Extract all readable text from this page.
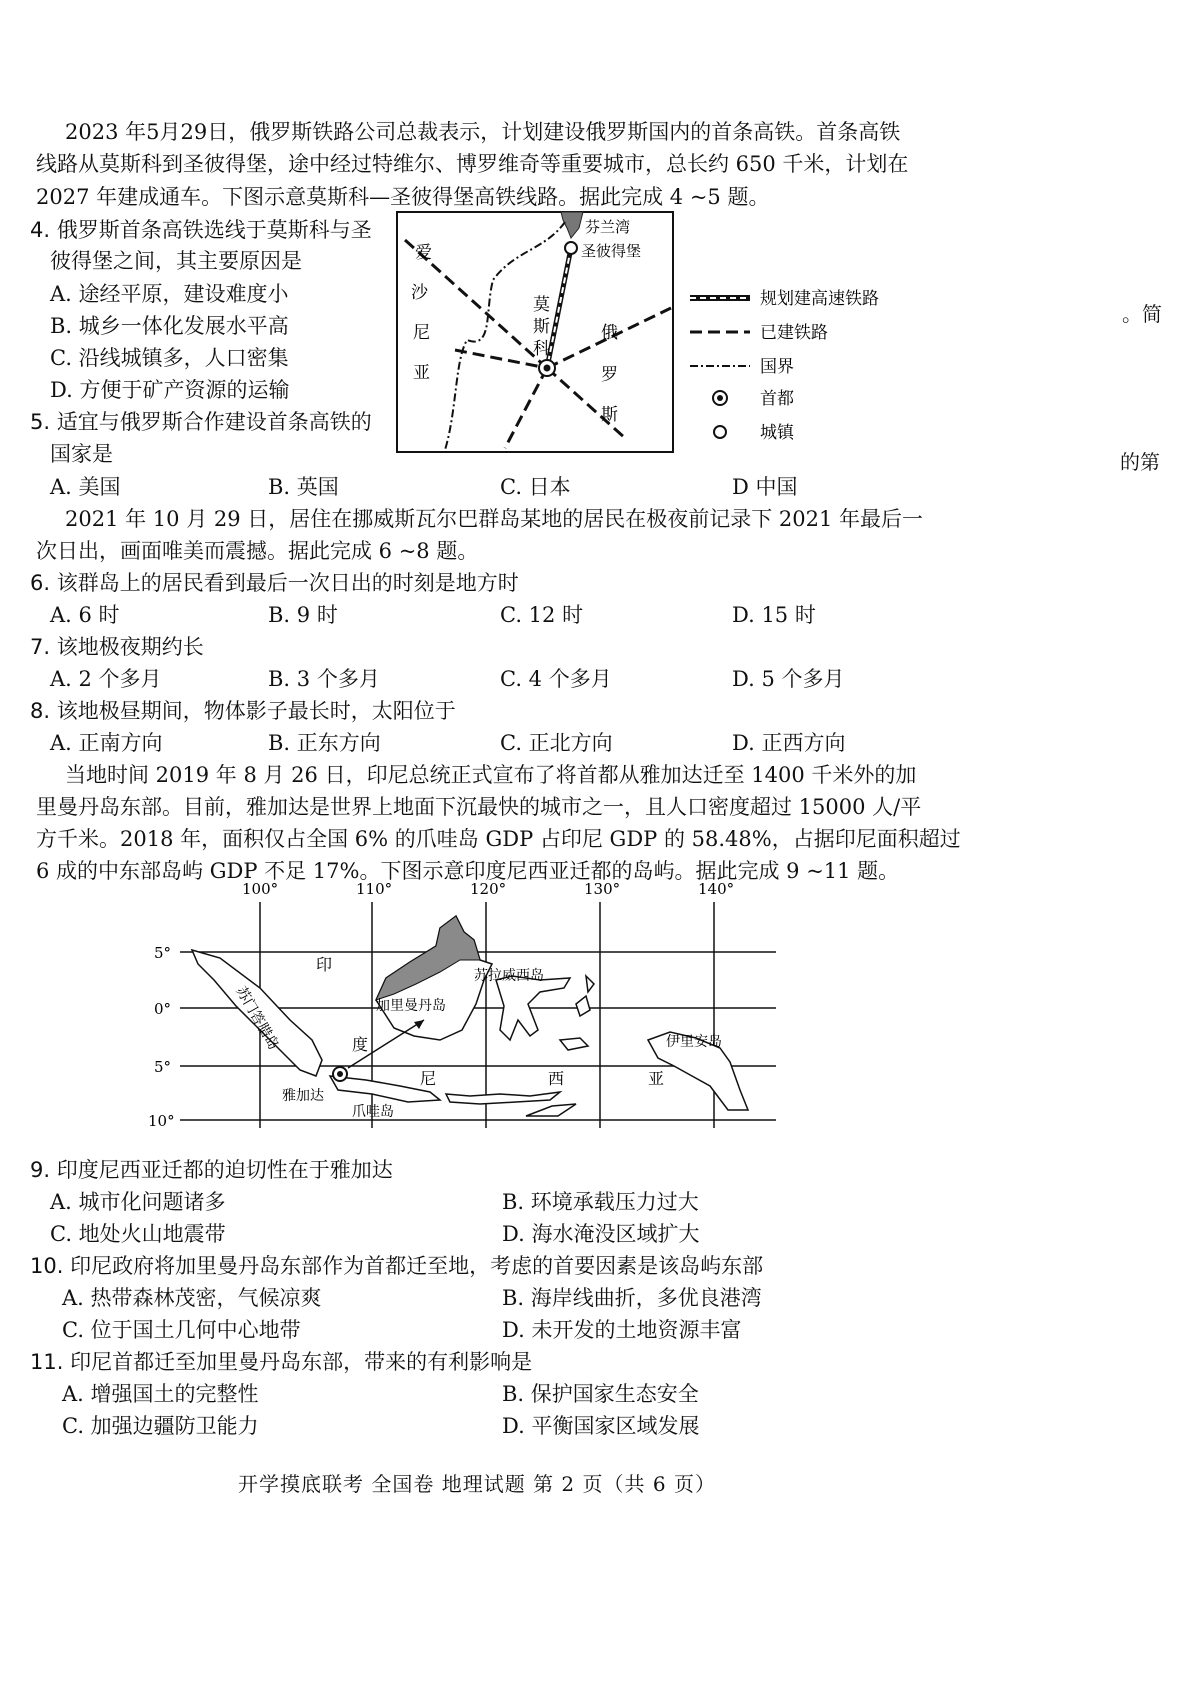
2023 年5月29日，俄罗斯铁路公司总裁表示，计划建设俄罗斯国内的首条高铁。首条高铁
线路从莫斯科到圣彼得堡，途中经过特维尔、博罗维奇等重要城市，总长约 650 千米，计划在
2027 年建成通车。下图示意莫斯科—圣彼得堡高铁线路。据此完成 4 ~5 题。
4. 俄罗斯首条高铁选线于莫斯科与圣
彼得堡之间，其主要原因是
A. 途经平原，建设难度小
B. 城乡一体化发展水平高
C. 沿线城镇多，人口密集
D. 方便于矿产资源的运输
5. 适宜与俄罗斯合作建设首条高铁的
国家是
A. 美国	B. 英国	C. 日本	D 中国
芬兰湾
圣彼得堡
爱
沙
尼
亚
莫
斯
科
俄
罗
斯
规划建高速铁路
已建铁路
国界
首都
城镇
。简
的第
2021 年 10 月 29 日，居住在挪威斯瓦尔巴群岛某地的居民在极夜前记录下 2021 年最后一
次日出，画面唯美而震撼。据此完成 6 ~8 题。
6. 该群岛上的居民看到最后一次日出的时刻是地方时
A. 6 时	B. 9 时	C. 12 时	D. 15 时
7. 该地极夜期约长
A. 2 个多月	B. 3 个多月	C. 4 个多月	D. 5 个多月
8. 该地极昼期间，物体影子最长时，太阳位于
A. 正南方向	B. 正东方向	C. 正北方向	D. 正西方向
当地时间 2019 年 8 月 26 日，印尼总统正式宣布了将首都从雅加达迁至 1400 千米外的加
里曼丹岛东部。目前，雅加达是世界上地面下沉最快的城市之一，且人口密度超过 15000 人/平
方千米。2018 年，面积仅占全国 6% 的爪哇岛 GDP 占印尼 GDP 的 58.48%，占据印尼面积超过
6 成的中东部岛屿 GDP 不足 17%。下图示意印度尼西亚迁都的岛屿。据此完成 9 ~11 题。
100°	110°	120°	130°	140°
5°
0°
5°
10°
苏门答腊岛	加里曼丹岛
苏拉威西岛
伊里安岛
雅加达
爪哇岛
印
度
尼	西	亚
9. 印度尼西亚迁都的迫切性在于雅加达
A. 城市化问题诸多	B. 环境承载压力过大
C. 地处火山地震带	D. 海水淹没区域扩大
10. 印尼政府将加里曼丹岛东部作为首都迁至地，考虑的首要因素是该岛屿东部
A. 热带森林茂密，气候凉爽	B. 海岸线曲折，多优良港湾
C. 位于国土几何中心地带	D. 未开发的土地资源丰富
11. 印尼首都迁至加里曼丹岛东部，带来的有利影响是
A. 增强国土的完整性	B. 保护国家生态安全
C. 加强边疆防卫能力	D. 平衡国家区域发展
开学摸底联考 全国卷 地理试题 第 2 页（共 6 页）
